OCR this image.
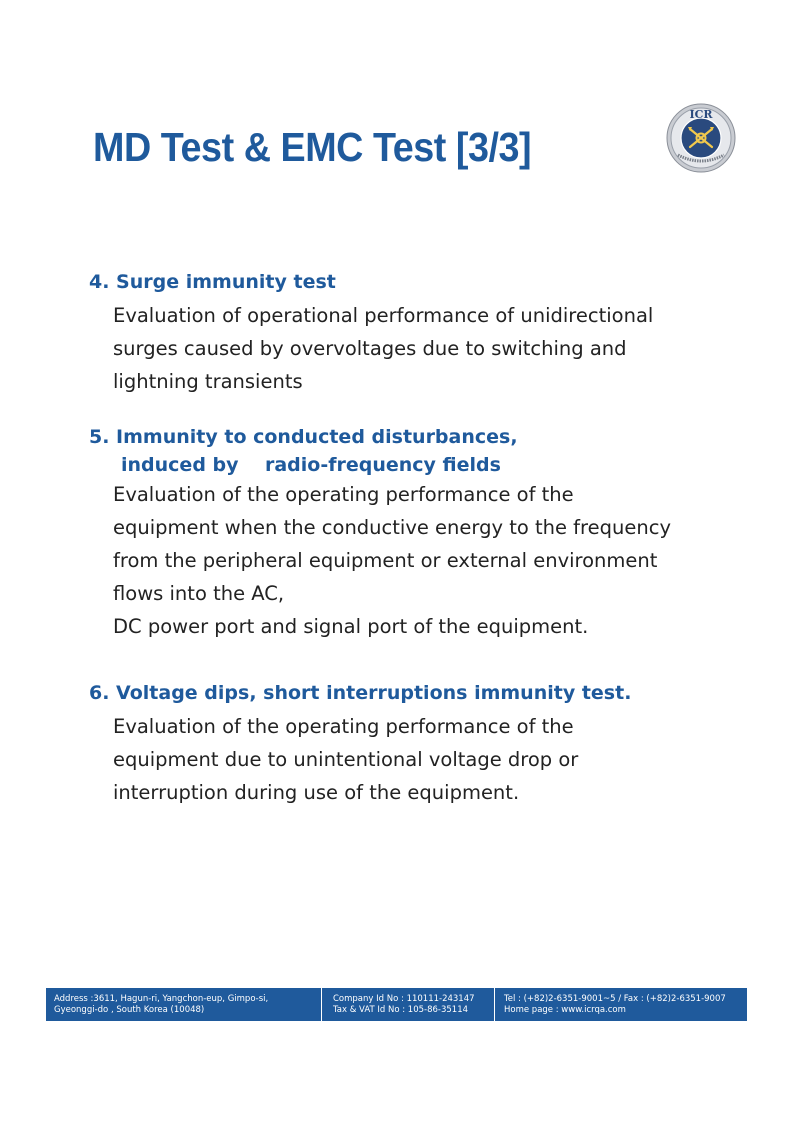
MD Test & EMC Test [3/3]
ICR
4. Surge immunity test
Evaluation of operational performance of unidirectional
surges caused by overvoltages due to switching and
lightning transients
5. Immunity to conducted disturbances,
induced by    radio-frequency fields
Evaluation of the operating performance of the
equipment when the conductive energy to the frequency
from the peripheral equipment or external environment
flows into the AC,
DC power port and signal port of the equipment.
6. Voltage dips, short interruptions immunity test.
Evaluation of the operating performance of the
equipment due to unintentional voltage drop or
interruption during use of the equipment.
Address :3611, Hagun-ri, Yangchon-eup, Gimpo-si,
Gyeonggi-do , South Korea (10048)
Company Id No : 110111-243147
Tax & VAT Id No : 105-86-35114
Tel : (+82)2-6351-9001~5 / Fax : (+82)2-6351-9007
Home page : www.icrqa.com
